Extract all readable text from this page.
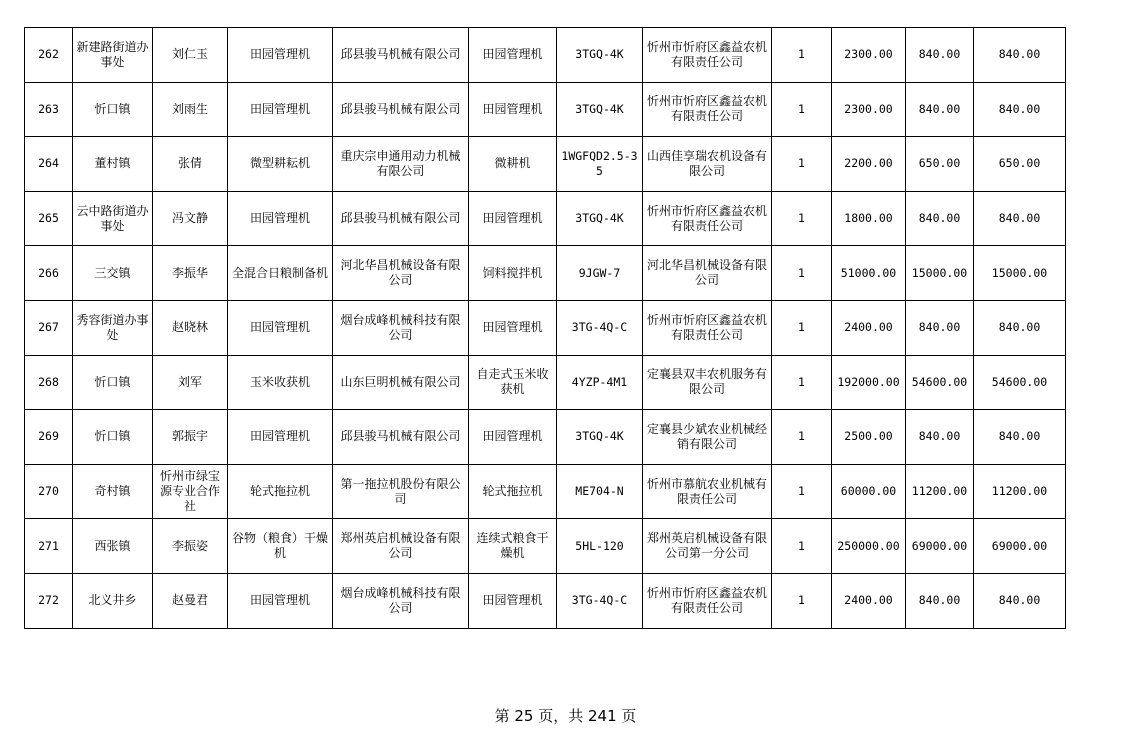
262	新建路街道办事处	刘仁玉	田园管理机	邱县骏马机械有限公司	田园管理机	3TGQ-4K	忻州市忻府区鑫益农机有限责任公司	1	2300.00	840.00	840.00
263	忻口镇	刘雨生	田园管理机	邱县骏马机械有限公司	田园管理机	3TGQ-4K	忻州市忻府区鑫益农机有限责任公司	1	2300.00	840.00	840.00
264	董村镇	张倩	微型耕耘机	重庆宗申通用动力机械有限公司	微耕机	1WGFQD2.5-35	山西佳享瑞农机设备有限公司	1	2200.00	650.00	650.00
265	云中路街道办事处	冯文静	田园管理机	邱县骏马机械有限公司	田园管理机	3TGQ-4K	忻州市忻府区鑫益农机有限责任公司	1	1800.00	840.00	840.00
266	三交镇	李振华	全混合日粮制备机	河北华昌机械设备有限公司	饲料搅拌机	9JGW-7	河北华昌机械设备有限公司	1	51000.00	15000.00	15000.00
267	秀容街道办事处	赵晓林	田园管理机	烟台成峰机械科技有限公司	田园管理机	3TG-4Q-C	忻州市忻府区鑫益农机有限责任公司	1	2400.00	840.00	840.00
268	忻口镇	刘军	玉米收获机	山东巨明机械有限公司	自走式玉米收获机	4YZP-4M1	定襄县双丰农机服务有限公司	1	192000.00	54600.00	54600.00
269	忻口镇	郭振宇	田园管理机	邱县骏马机械有限公司	田园管理机	3TGQ-4K	定襄县少斌农业机械经销有限公司	1	2500.00	840.00	840.00
270	奇村镇	忻州市绿宝源专业合作社	轮式拖拉机	第一拖拉机股份有限公司	轮式拖拉机	ME704-N	忻州市慕航农业机械有限责任公司	1	60000.00	11200.00	11200.00
271	西张镇	李振姿	谷物（粮食）干燥机	郑州英启机械设备有限公司	连续式粮食干燥机	5HL-120	郑州英启机械设备有限公司第一分公司	1	250000.00	69000.00	69000.00
272	北义井乡	赵曼君	田园管理机	烟台成峰机械科技有限公司	田园管理机	3TG-4Q-C	忻州市忻府区鑫益农机有限责任公司	1	2400.00	840.00	840.00
第 25 页，共 241 页
